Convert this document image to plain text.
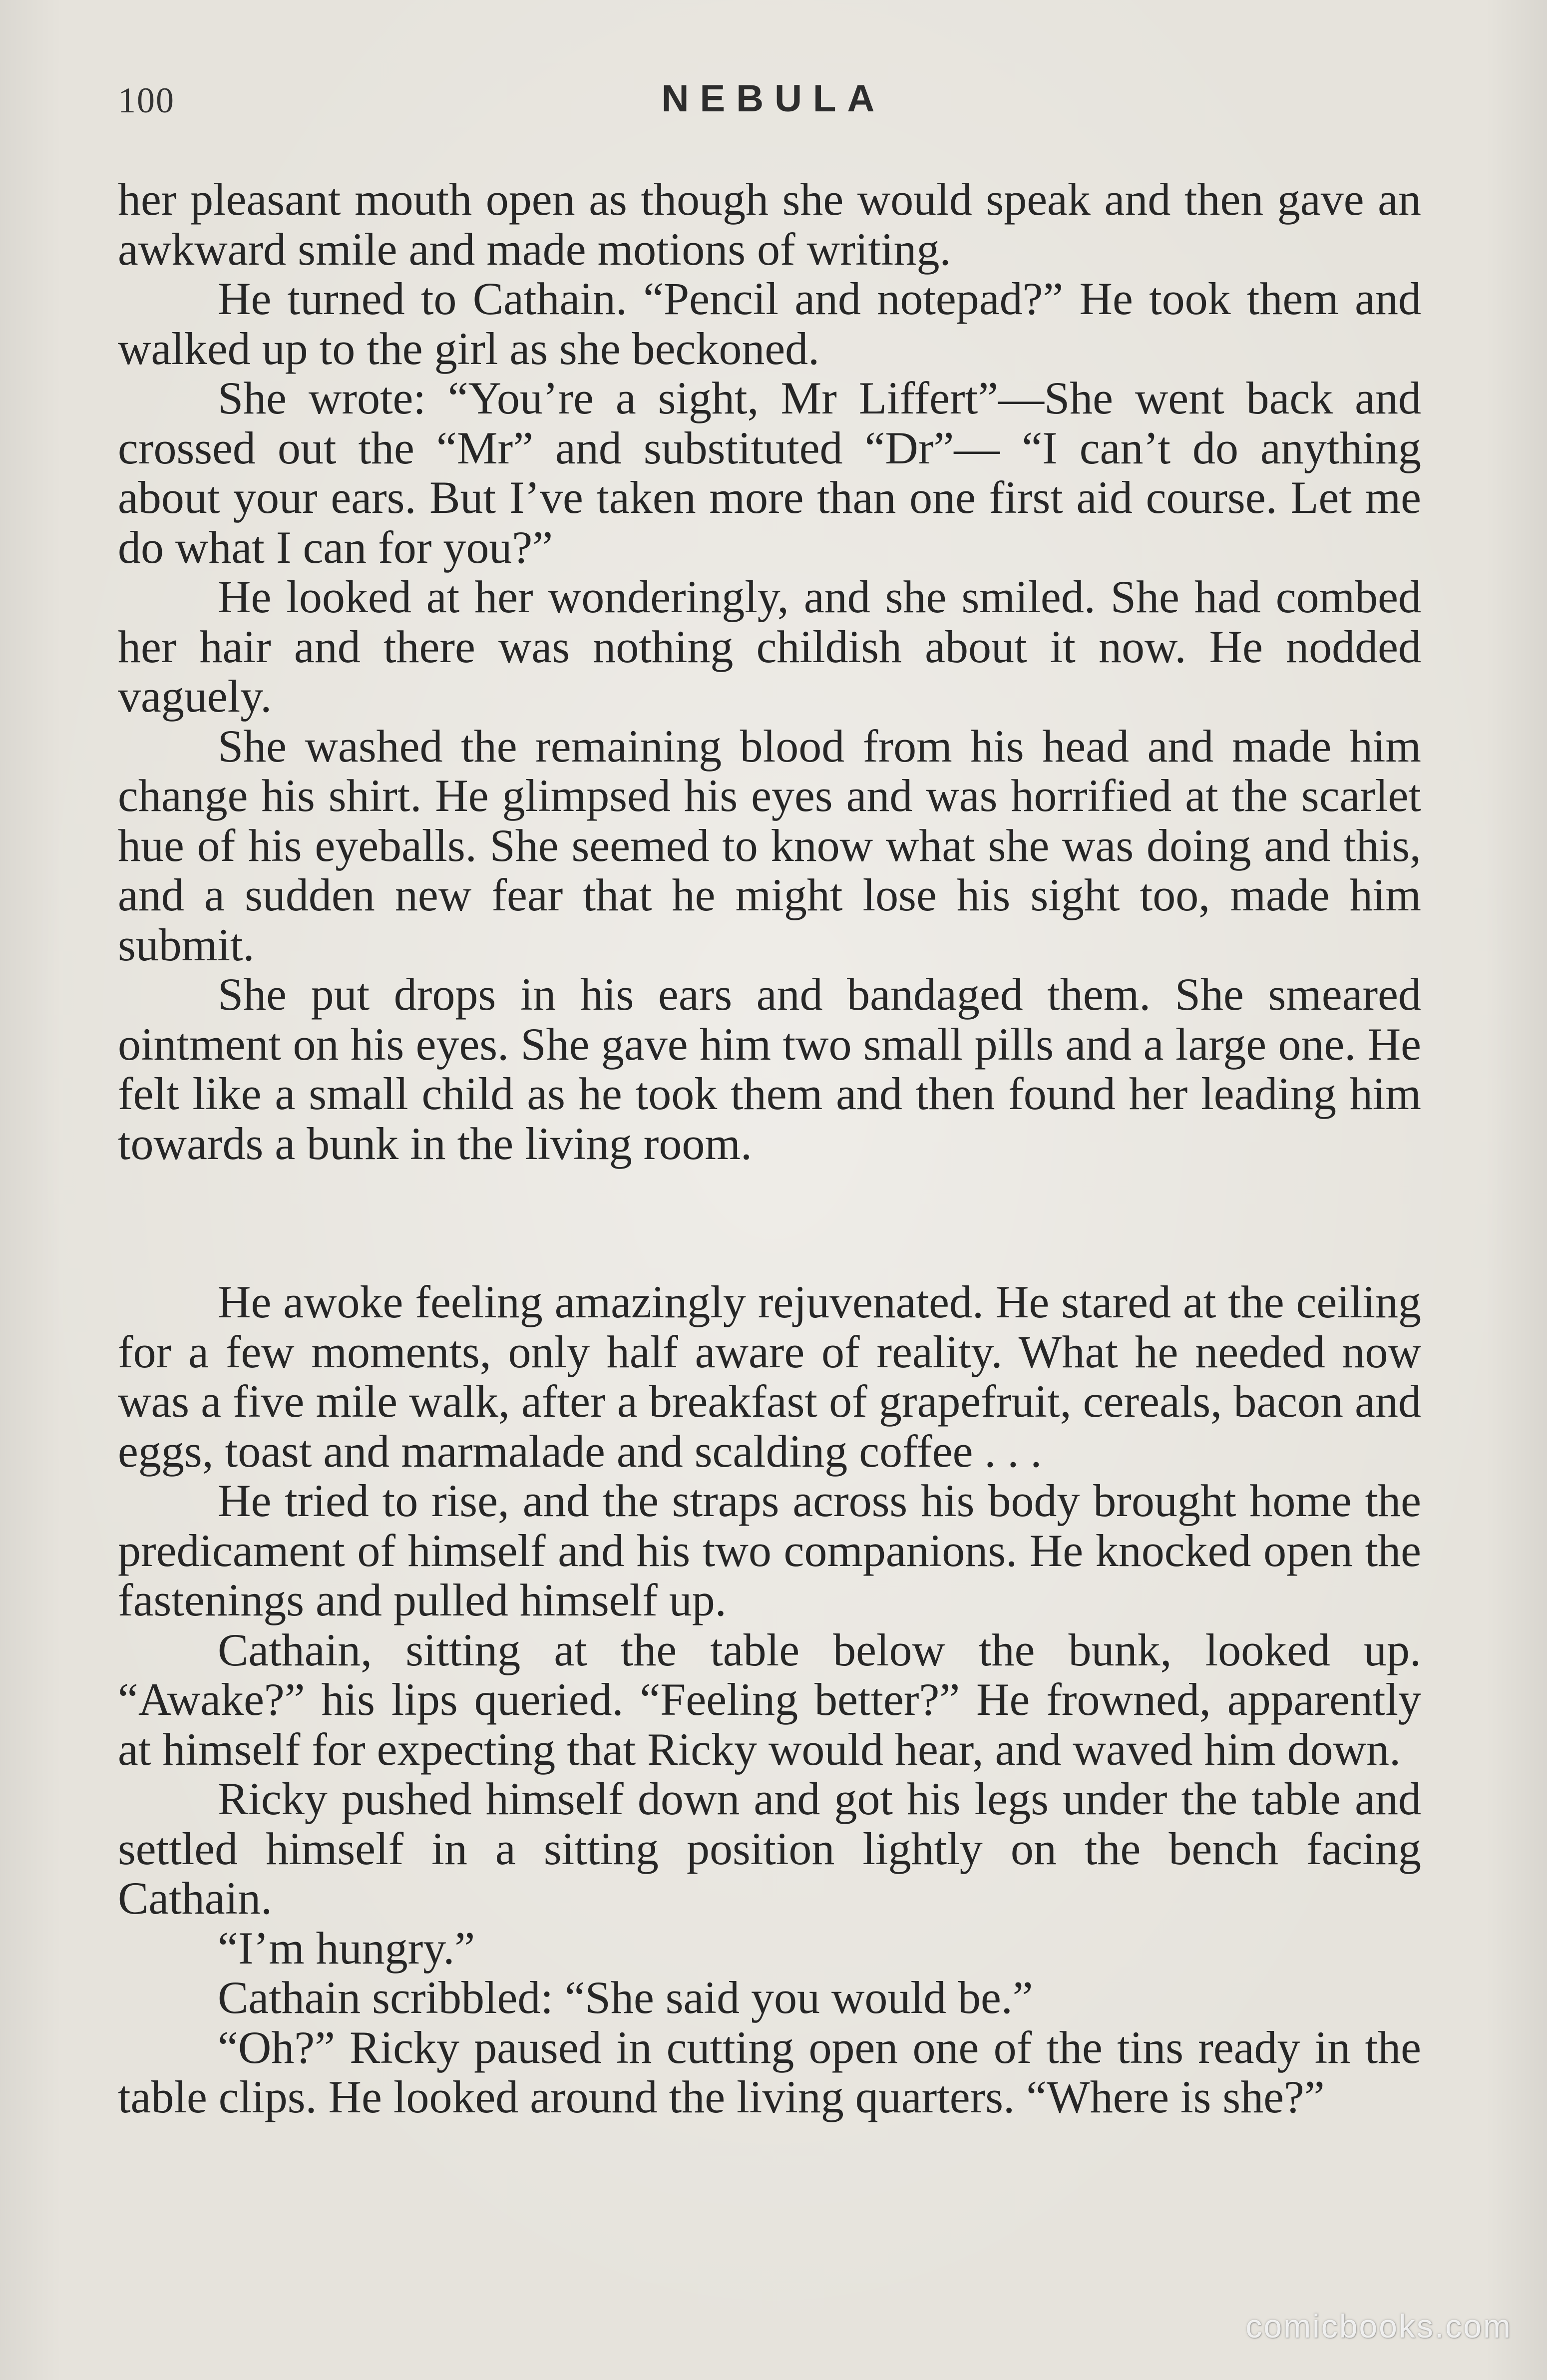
100	NEBULA

her pleasant mouth open as though she would speak and then gave an awkward smile and made motions of writing.

He turned to Cathain. “Pencil and notepad?” He took them and walked up to the girl as she beckoned.

She wrote: “You’re a sight, Mr Liffert”—She went back and crossed out the “Mr” and substituted “Dr”— “I can’t do anything about your ears. But I’ve taken more than one first aid course. Let me do what I can for you?”

He looked at her wonderingly, and she smiled. She had combed her hair and there was nothing childish about it now. He nodded vaguely.

She washed the remaining blood from his head and made him change his shirt. He glimpsed his eyes and was horrified at the scarlet hue of his eyeballs. She seemed to know what she was doing and this, and a sudden new fear that he might lose his sight too, made him submit.

She put drops in his ears and bandaged them. She smeared ointment on his eyes. She gave him two small pills and a large one. He felt like a small child as he took them and then found her leading him towards a bunk in the living room.

He awoke feeling amazingly rejuvenated. He stared at the ceiling for a few moments, only half aware of reality. What he needed now was a five mile walk, after a breakfast of grapefruit, cereals, bacon and eggs, toast and marmalade and scalding coffee . . .

He tried to rise, and the straps across his body brought home the predicament of himself and his two companions. He knocked open the fastenings and pulled himself up.

Cathain, sitting at the table below the bunk, looked up. “Awake?” his lips queried. “Feeling better?” He frowned, apparently at himself for expecting that Ricky would hear, and waved him down.

Ricky pushed himself down and got his legs under the table and settled himself in a sitting position lightly on the bench facing Cathain.

“I’m hungry.”

Cathain scribbled: “She said you would be.”

“Oh?” Ricky paused in cutting open one of the tins ready in the table clips. He looked around the living quarters. “Where is she?”

comicbooks.com
